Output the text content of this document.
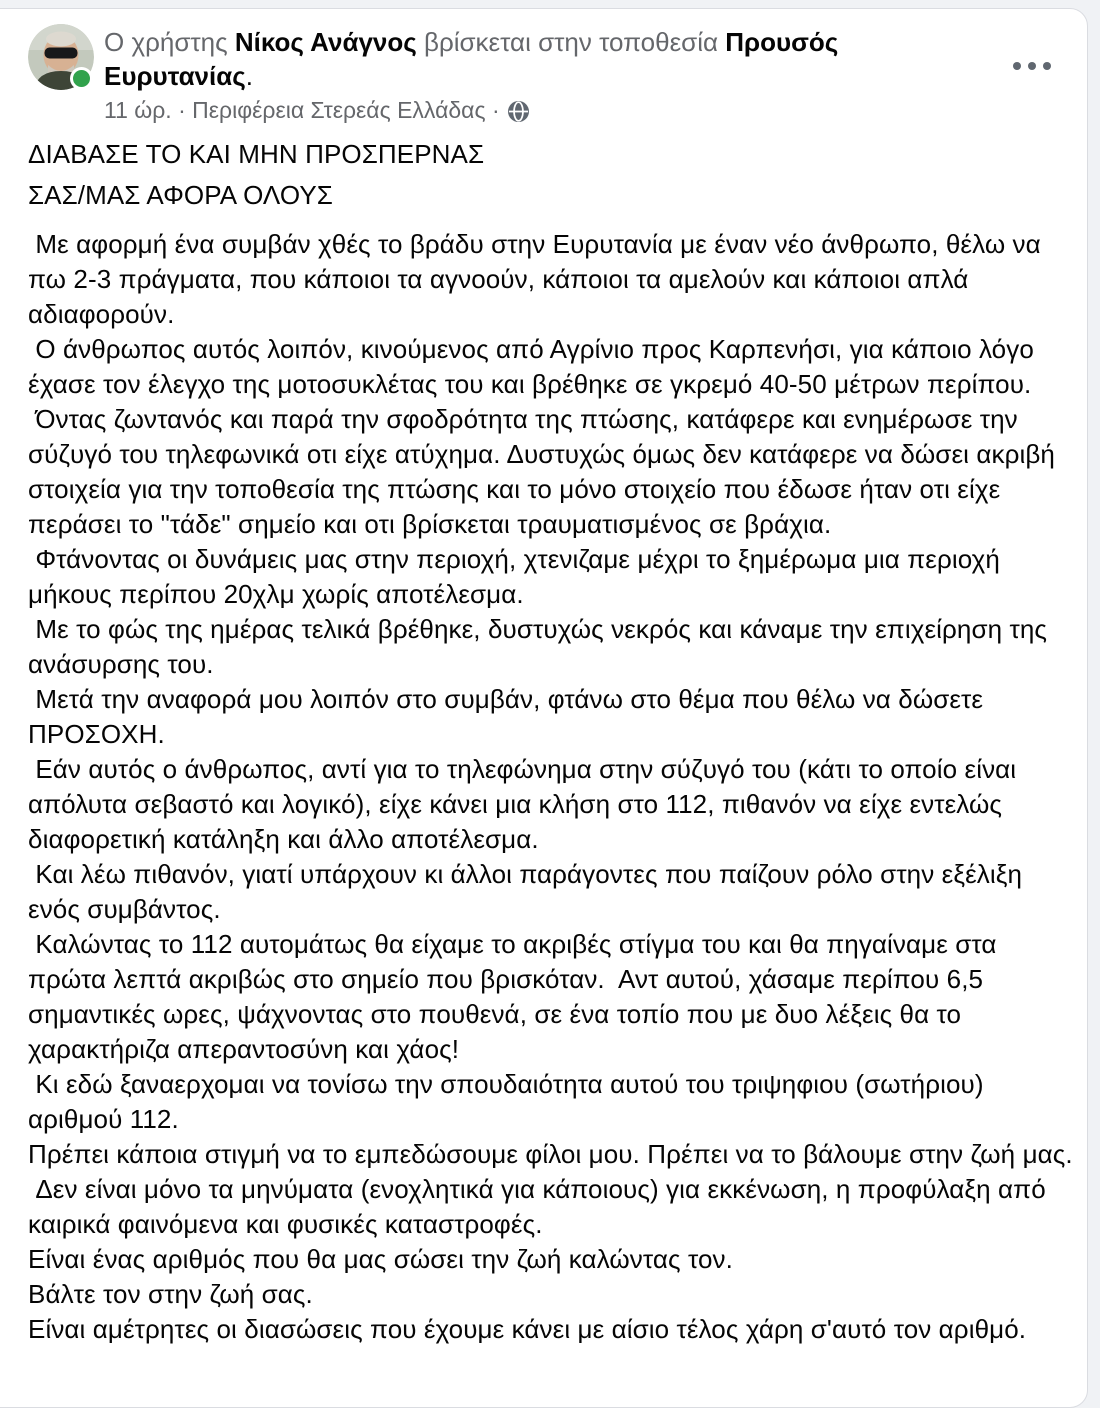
Ο χρήστης Νίκος Ανάγνος βρίσκεται στην τοποθεσία Προυσός Ευρυτανίας.
11 ώρ. · Περιφέρεια Στερεάς Ελλάδας ·
ΔΙΑΒΑΣΕ ΤΟ ΚΑΙ ΜΗΝ ΠΡΟΣΠΕΡΝΑΣ
ΣΑΣ/ΜΑΣ ΑΦΟΡΑ ΟΛΟΥΣ
Με αφορμή ένα συμβάν χθές το βράδυ στην Ευρυτανία με έναν νέο άνθρωπο, θέλω να πω 2-3 πράγματα, που κάποιοι τα αγνοούν, κάποιοι τα αμελούν και κάποιοι απλά αδιαφορούν.
Ο άνθρωπος αυτός λοιπόν, κινούμενος από Αγρίνιο προς Καρπενήσι, για κάποιο λόγο έχασε τον έλεγχο της μοτοσυκλέτας του και βρέθηκε σε γκρεμό 40-50 μέτρων περίπου.
Όντας ζωντανός και παρά την σφοδρότητα της πτώσης, κατάφερε και ενημέρωσε την σύζυγό του τηλεφωνικά οτι είχε ατύχημα. Δυστυχώς όμως δεν κατάφερε να δώσει ακριβή στοιχεία για την τοποθεσία της πτώσης και το μόνο στοιχείο που έδωσε ήταν οτι είχε περάσει το "τάδε" σημείο και οτι βρίσκεται τραυματισμένος σε βράχια.
Φτάνοντας οι δυνάμεις μας στην περιοχή, χτενιζαμε μέχρι το ξημέρωμα μια περιοχή μήκους περίπου 20χλμ χωρίς αποτέλεσμα.
Με το φώς της ημέρας τελικά βρέθηκε, δυστυχώς νεκρός και κάναμε την επιχείρηση της ανάσυρσης του.
Μετά την αναφορά μου λοιπόν στο συμβάν, φτάνω στο θέμα που θέλω να δώσετε ΠΡΟΣΟΧΗ.
Εάν αυτός ο άνθρωπος, αντί για το τηλεφώνημα στην σύζυγό του (κάτι το οποίο είναι απόλυτα σεβαστό και λογικό), είχε κάνει μια κλήση στο 112, πιθανόν να είχε εντελώς διαφορετική κατάληξη και άλλο αποτέλεσμα.
Και λέω πιθανόν, γιατί υπάρχουν κι άλλοι παράγοντες που παίζουν ρόλο στην εξέλιξη ενός συμβάντος.
Καλώντας το 112 αυτομάτως θα είχαμε το ακριβές στίγμα του και θα πηγαίναμε στα πρώτα λεπτά ακριβώς στο σημείο που βρισκόταν.  Αντ αυτού, χάσαμε περίπου 6,5 σημαντικές ωρες, ψάχνοντας στο πουθενά, σε ένα τοπίο που με δυο λέξεις θα το χαρακτήριζα απεραντοσύνη και χάος!
Κι εδώ ξαναερχομαι να τονίσω την σπουδαιότητα αυτού του τριψηφιου (σωτήριου) αριθμού 112.
Πρέπει κάποια στιγμή να το εμπεδώσουμε φίλοι μου. Πρέπει να το βάλουμε στην ζωή μας.
Δεν είναι μόνο τα μηνύματα (ενοχλητικά για κάποιους) για εκκένωση, η προφύλαξη από καιρικά φαινόμενα και φυσικές καταστροφές.
Είναι ένας αριθμός που θα μας σώσει την ζωή καλώντας τον.
Βάλτε τον στην ζωή σας.
Είναι αμέτρητες οι διασώσεις που έχουμε κάνει με αίσιο τέλος χάρη σ'αυτό τον αριθμό.
